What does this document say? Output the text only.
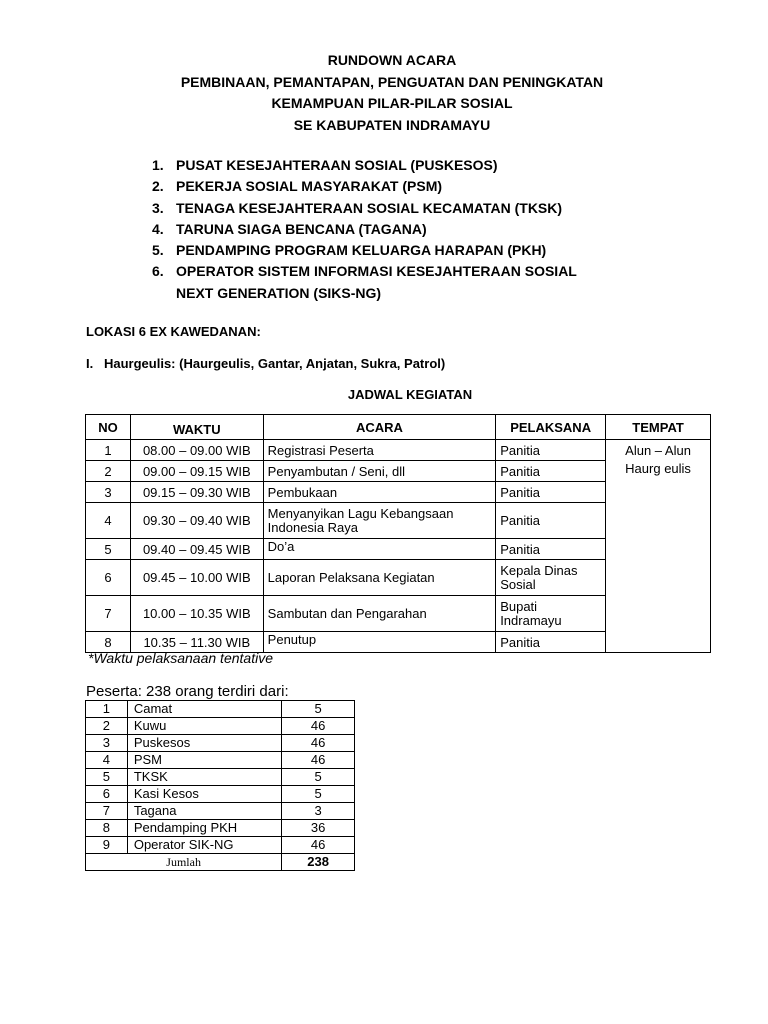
RUNDOWN ACARA
PEMBINAAN, PEMANTAPAN, PENGUATAN DAN PENINGKATAN
KEMAMPUAN PILAR-PILAR SOSIAL
SE KABUPATEN INDRAMAYU
1. PUSAT KESEJAHTERAAN SOSIAL (PUSKESOS)
2. PEKERJA SOSIAL MASYARAKAT (PSM)
3. TENAGA KESEJAHTERAAN SOSIAL KECAMATAN (TKSK)
4. TARUNA SIAGA BENCANA (TAGANA)
5. PENDAMPING PROGRAM KELUARGA HARAPAN (PKH)
6. OPERATOR SISTEM INFORMASI KESEJAHTERAAN SOSIAL
NEXT GENERATION (SIKS-NG)
LOKASI 6 EX KAWEDANAN:
I. Haurgeulis: (Haurgeulis, Gantar, Anjatan, Sukra, Patrol)
JADWAL KEGIATAN
NO	WAKTU	ACARA	PELAKSANA	TEMPAT
1	08.00 – 09.00 WIB	Registrasi Peserta	Panitia	Alun – Alun
Haurg eulis

2	09.00 – 09.15 WIB	Penyambutan / Seni, dll	Panitia	
3	09.15 – 09.30 WIB	Pembukaan	Panitia	
4	09.30 – 09.40 WIB	Menyanyikan Lagu Kebangsaan Indonesia Raya	Panitia	
5	09.40 – 09.45 WIB	Do’a	Panitia	
6	09.45 – 10.00 WIB	Laporan Pelaksana Kegiatan	Kepala Dinas Sosial	
7	10.00 – 10.35 WIB	Sambutan dan Pengarahan	Bupati Indramayu	
8	10.35 – 11.30 WIB	Penutup	Panitia	
*Waktu pelaksanaan tentative
Peserta: 238 orang terdiri dari:
1	Camat	5
2	Kuwu	46
3	Puskesos	46
4	PSM	46
5	TKSK	5
6	Kasi Kesos	5
7	Tagana	3
8	Pendamping PKH	36
9	Operator SIK-NG	46
Jumlah		238
